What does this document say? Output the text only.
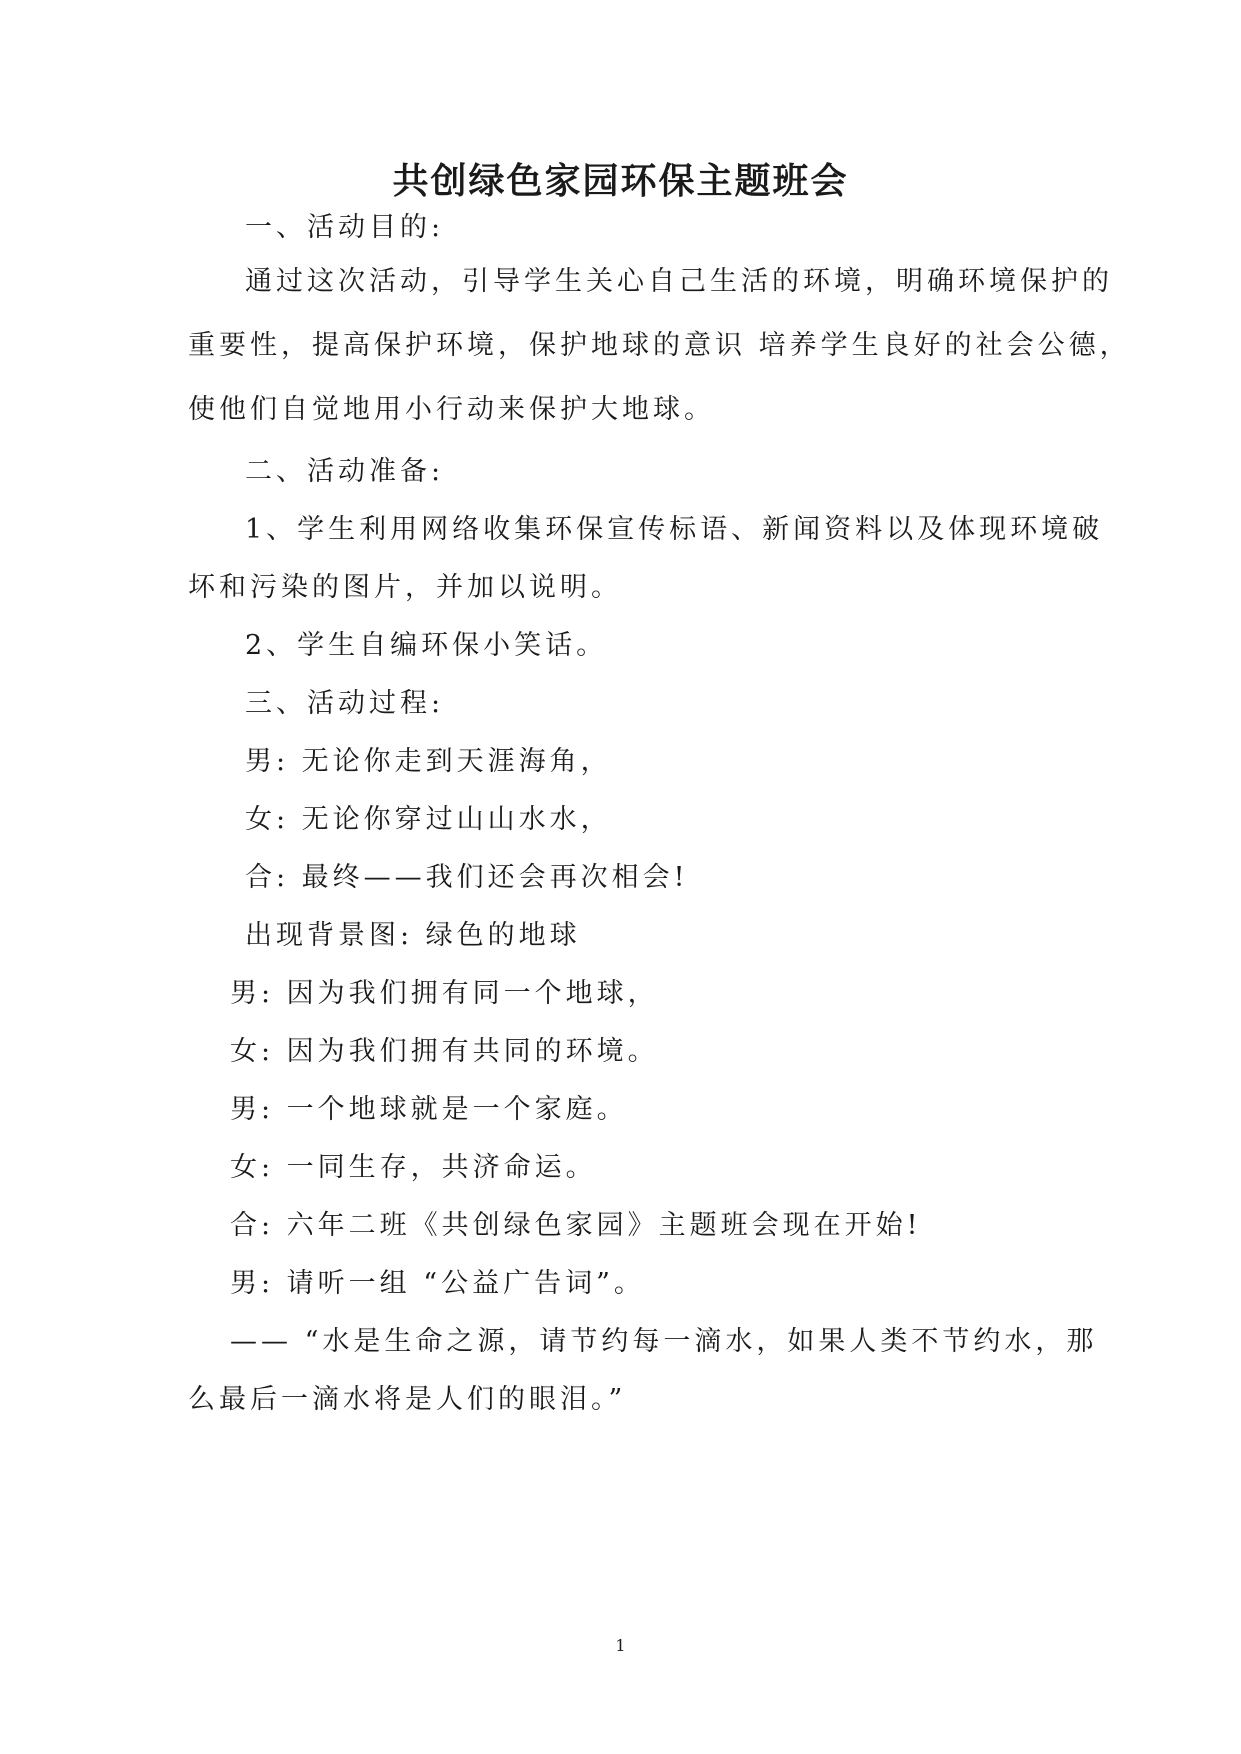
共创绿色家园环保主题班会
一、活动目的:
通过这次活动，引导学生关心自己生活的环境，明确环境保护的
重要性，提高保护环境，保护地球的意识 培养学生良好的社会公德，
使他们自觉地用小行动来保护大地球。
二、活动准备:
1、学生利用网络收集环保宣传标语、新闻资料以及体现环境破
坏和污染的图片，并加以说明。
2、学生自编环保小笑话。
三、活动过程:
男: 无论你走到天涯海角，
女: 无论你穿过山山水水，
合: 最终——我们还会再次相会!
出现背景图: 绿色的地球
男: 因为我们拥有同一个地球，
女: 因为我们拥有共同的环境。
男: 一个地球就是一个家庭。
女: 一同生存，共济命运。
合: 六年二班《共创绿色家园》主题班会现在开始!
男: 请听一组 “公益广告词”。
—— “水是生命之源，请节约每一滴水，如果人类不节约水，那
么最后一滴水将是人们的眼泪。”
1
